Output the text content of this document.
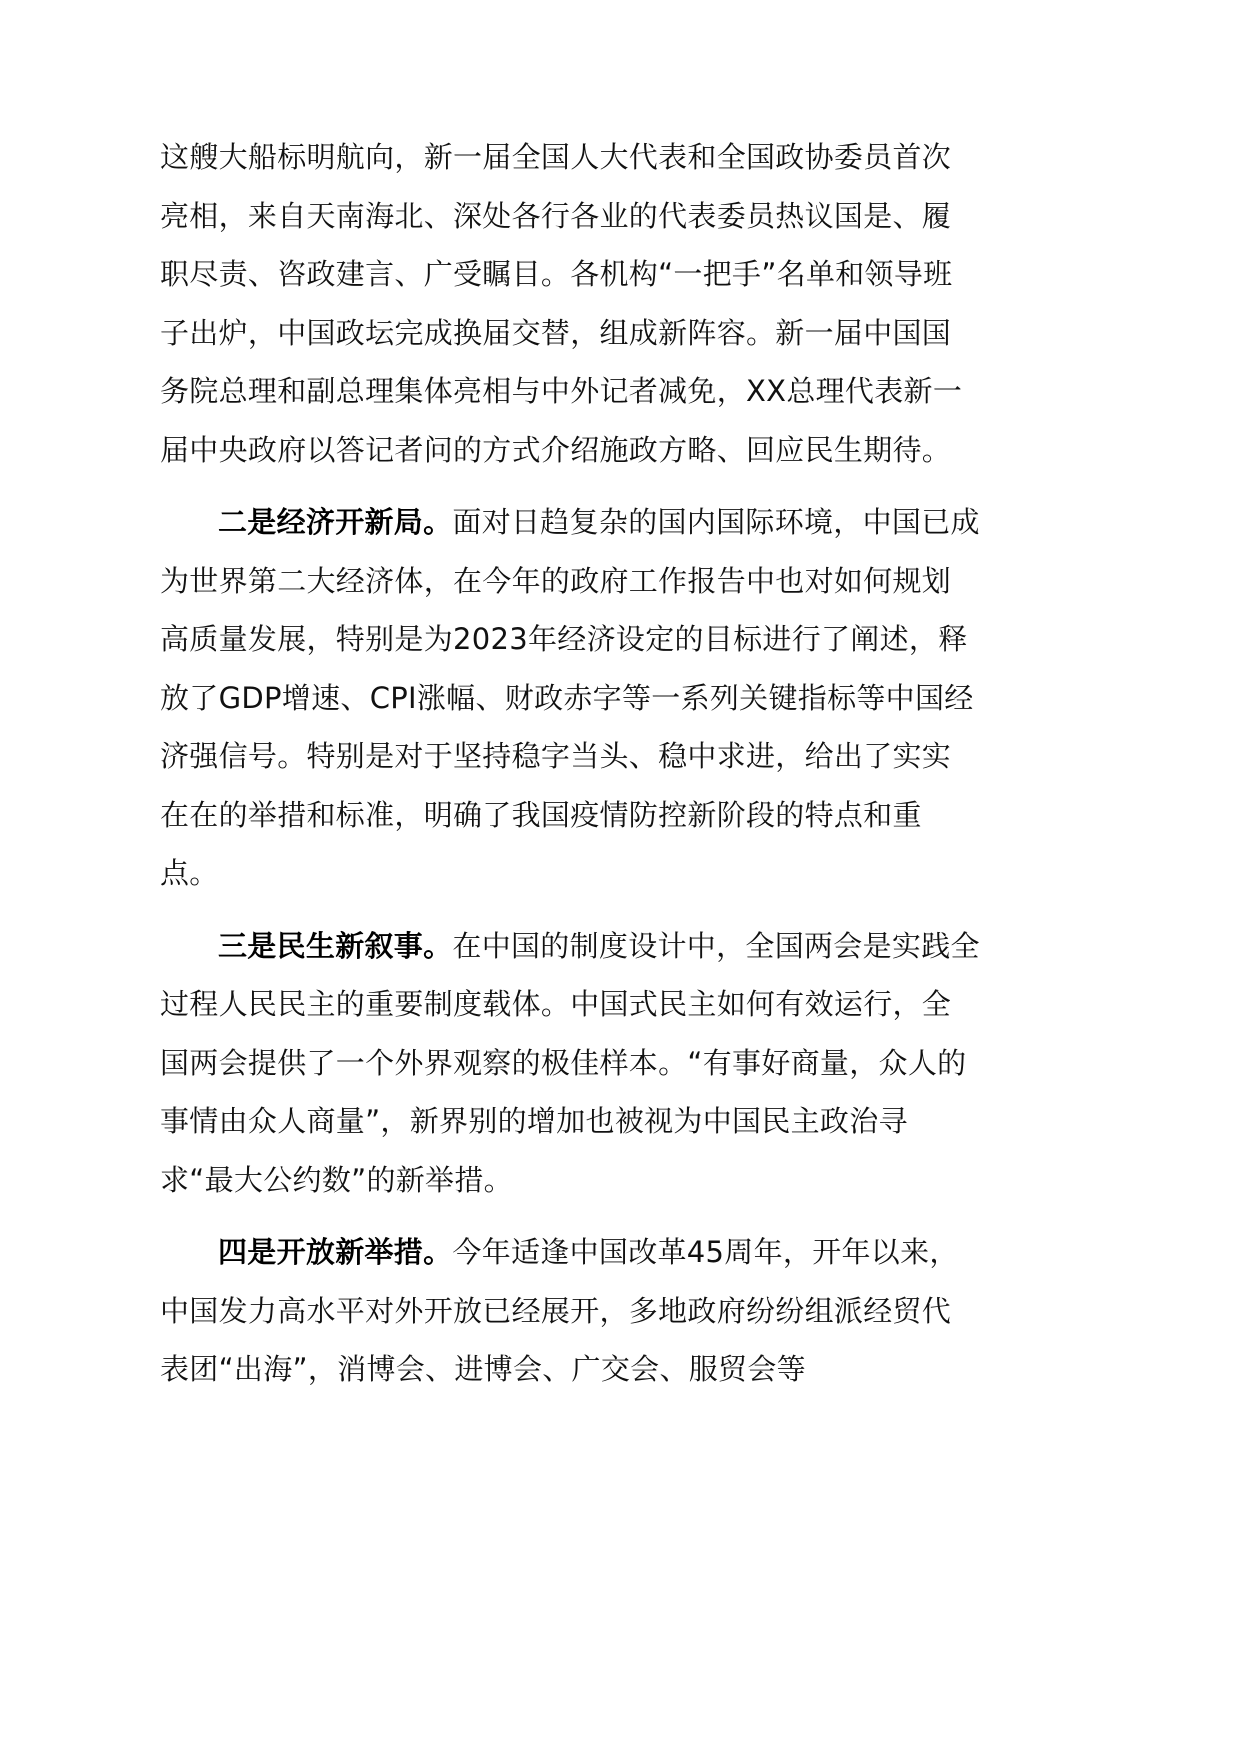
这艘大船标明航向，新一届全国人大代表和全国政协委员首次亮相，来自天南海北、深处各行各业的代表委员热议国是、履职尽责、咨政建言、广受瞩目。各机构“一把手”名单和领导班子出炉，中国政坛完成换届交替，组成新阵容。新一届中国国务院总理和副总理集体亮相与中外记者减免，XX总理代表新一届中央政府以答记者问的方式介绍施政方略、回应民生期待。

二是经济开新局。面对日趋复杂的国内国际环境，中国已成为世界第二大经济体，在今年的政府工作报告中也对如何规划高质量发展，特别是为2023年经济设定的目标进行了阐述，释放了GDP增速、CPI涨幅、财政赤字等一系列关键指标等中国经济强信号。特别是对于坚持稳字当头、稳中求进，给出了实实在在的举措和标准，明确了我国疫情防控新阶段的特点和重点。

三是民生新叙事。在中国的制度设计中，全国两会是实践全过程人民民主的重要制度载体。中国式民主如何有效运行，全国两会提供了一个外界观察的极佳样本。“有事好商量，众人的事情由众人商量”，新界别的增加也被视为中国民主政治寻求“最大公约数”的新举措。

四是开放新举措。今年适逢中国改革45周年，开年以来，中国发力高水平对外开放已经展开，多地政府纷纷组派经贸代表团“出海”，消博会、进博会、广交会、服贸会等
